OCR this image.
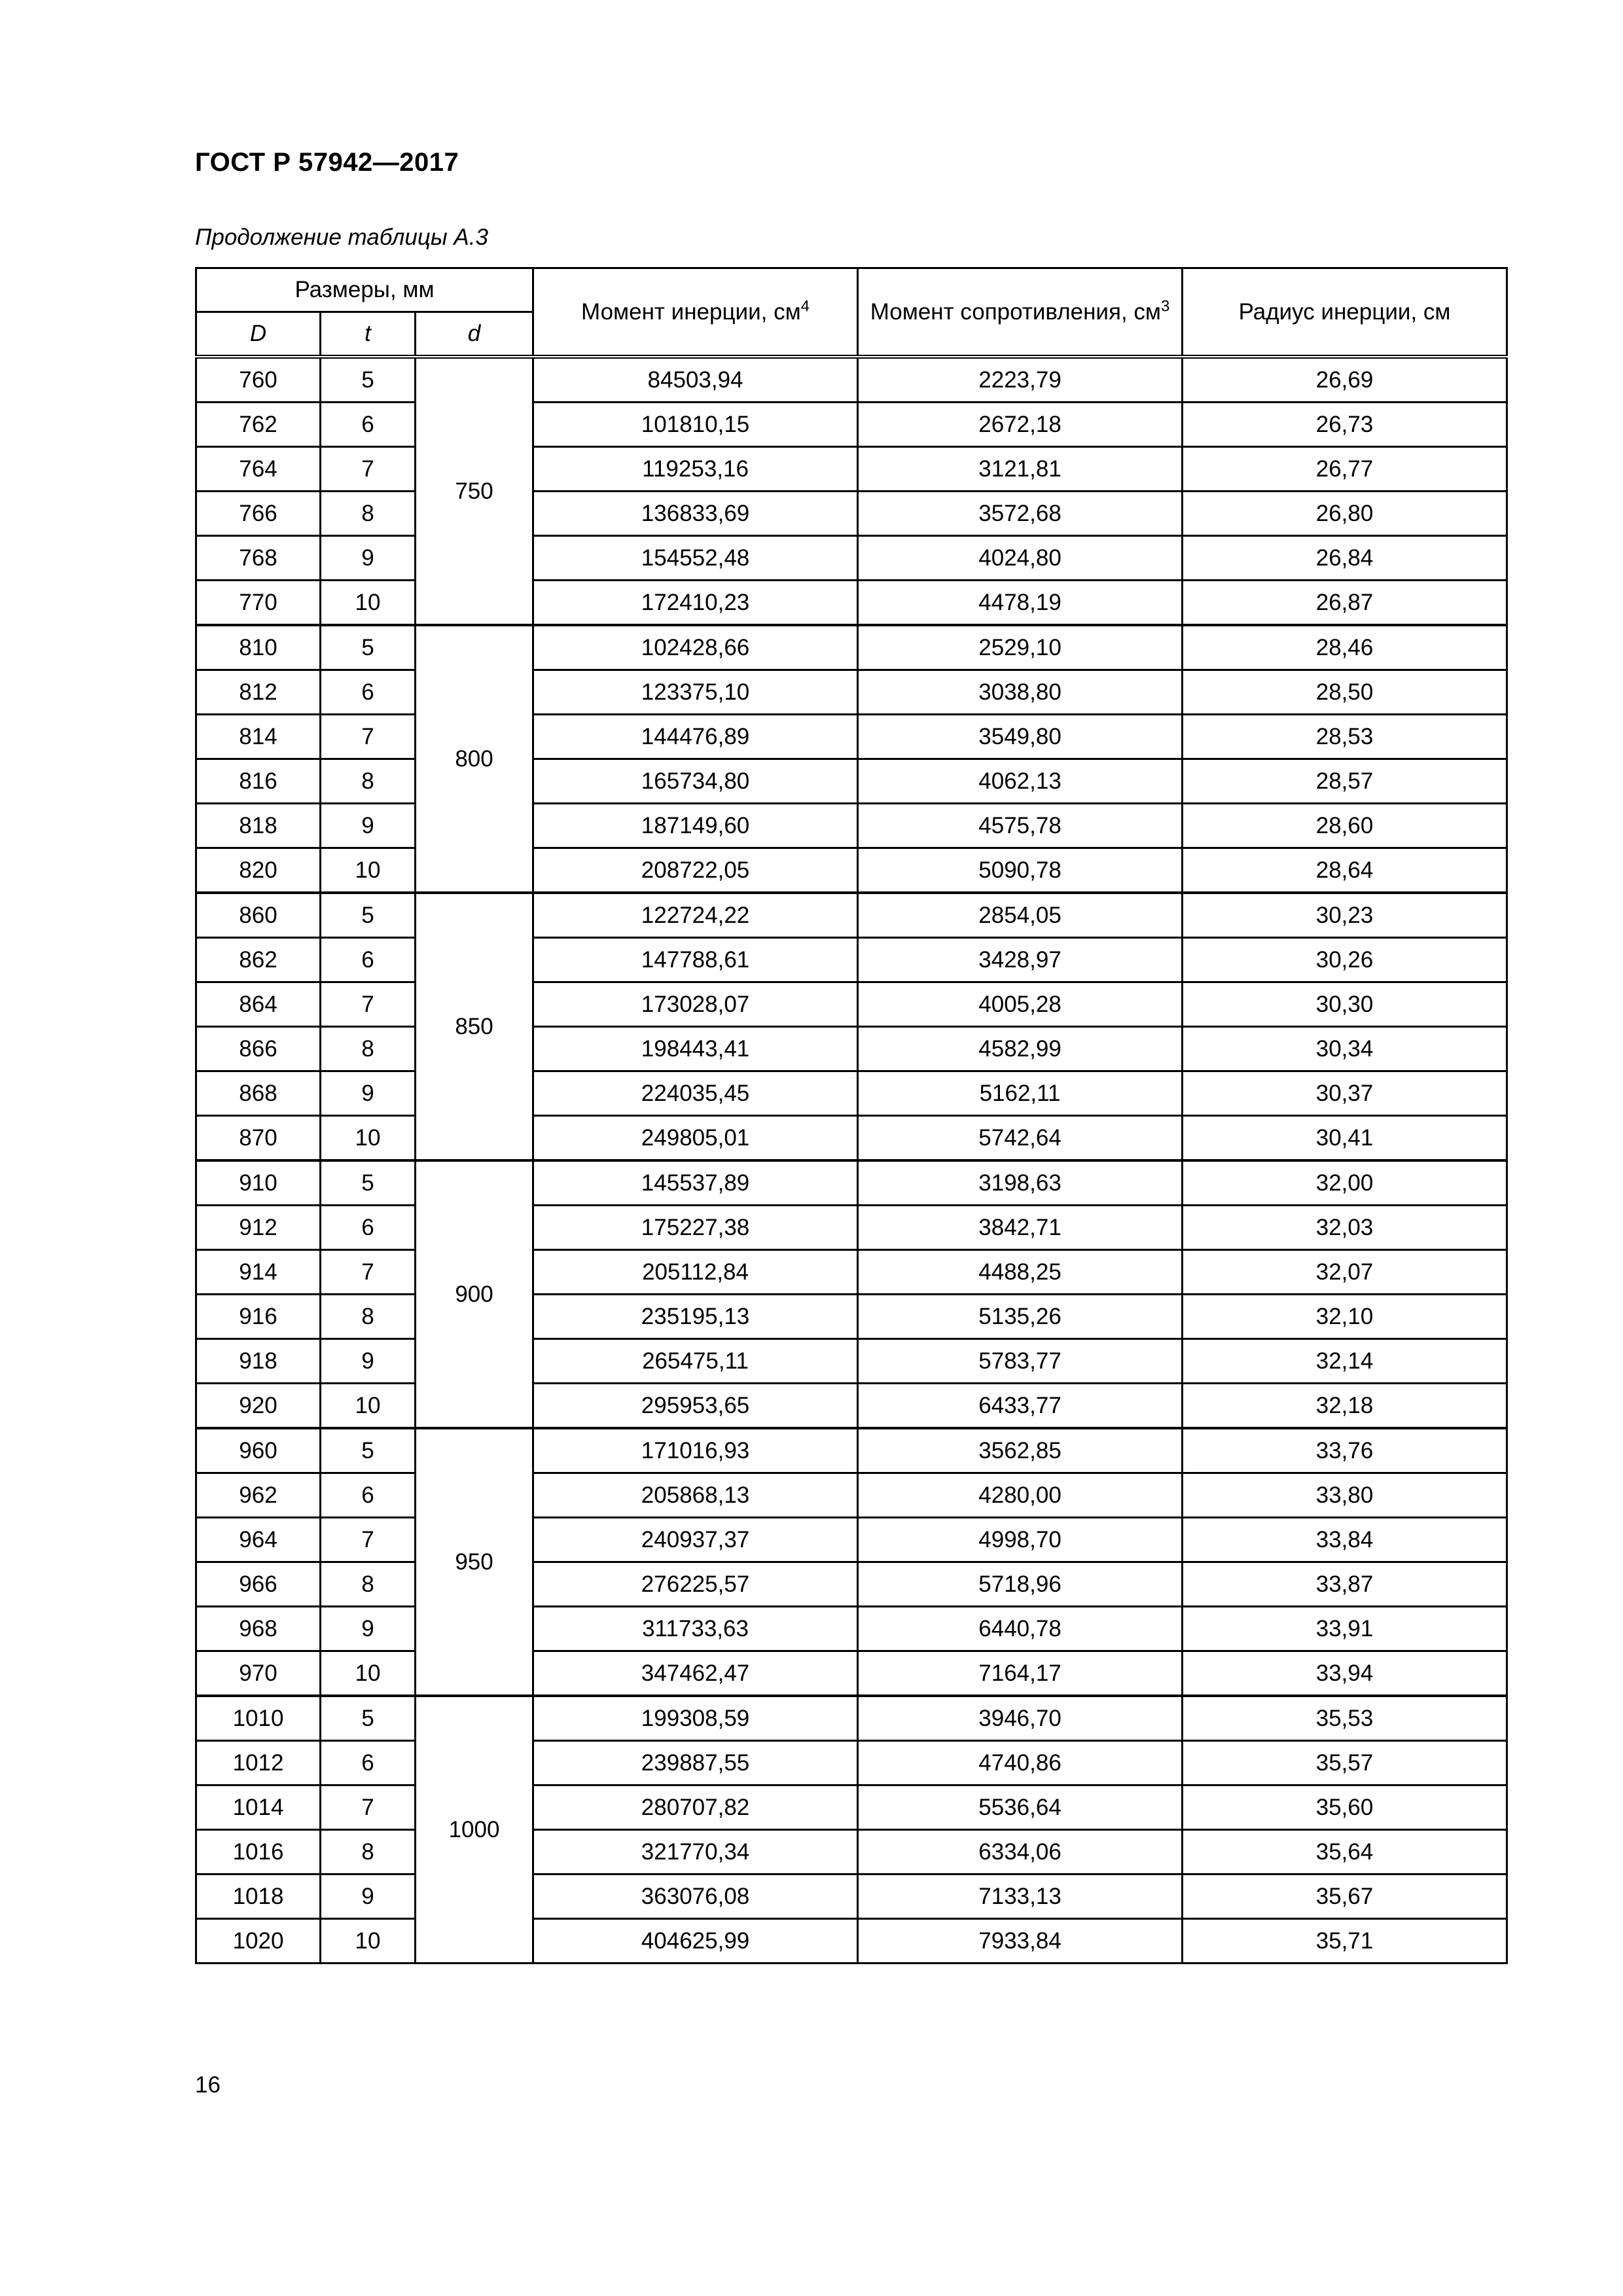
ГОСТ Р 57942—2017
Продолжение таблицы А.3
Размеры, мм			Момент инерции, $см^4$	Момент сопротивления, $см^3$	Радиус инерции, см
D	t	d			
760	5	750	84503,94	2223,79	26,69
762	6		101810,15	2672,18	26,73
764	7		119253,16	3121,81	26,77
766	8		136833,69	3572,68	26,80
768	9		154552,48	4024,80	26,84
770	10		172410,23	4478,19	26,87
810	5	800	102428,66	2529,10	28,46
812	6		123375,10	3038,80	28,50
814	7		144476,89	3549,80	28,53
816	8		165734,80	4062,13	28,57
818	9		187149,60	4575,78	28,60
820	10		208722,05	5090,78	28,64
860	5	850	122724,22	2854,05	30,23
862	6		147788,61	3428,97	30,26
864	7		173028,07	4005,28	30,30
866	8		198443,41	4582,99	30,34
868	9		224035,45	5162,11	30,37
870	10		249805,01	5742,64	30,41
910	5	900	145537,89	3198,63	32,00
912	6		175227,38	3842,71	32,03
914	7		205112,84	4488,25	32,07
916	8		235195,13	5135,26	32,10
918	9		265475,11	5783,77	32,14
920	10		295953,65	6433,77	32,18
960	5	950	171016,93	3562,85	33,76
962	6		205868,13	4280,00	33,80
964	7		240937,37	4998,70	33,84
966	8		276225,57	5718,96	33,87
968	9		311733,63	6440,78	33,91
970	10		347462,47	7164,17	33,94
1010	5	1000	199308,59	3946,70	35,53
1012	6		239887,55	4740,86	35,57
1014	7		280707,82	5536,64	35,60
1016	8		321770,34	6334,06	35,64
1018	9		363076,08	7133,13	35,67
1020	10		404625,99	7933,84	35,71
16
